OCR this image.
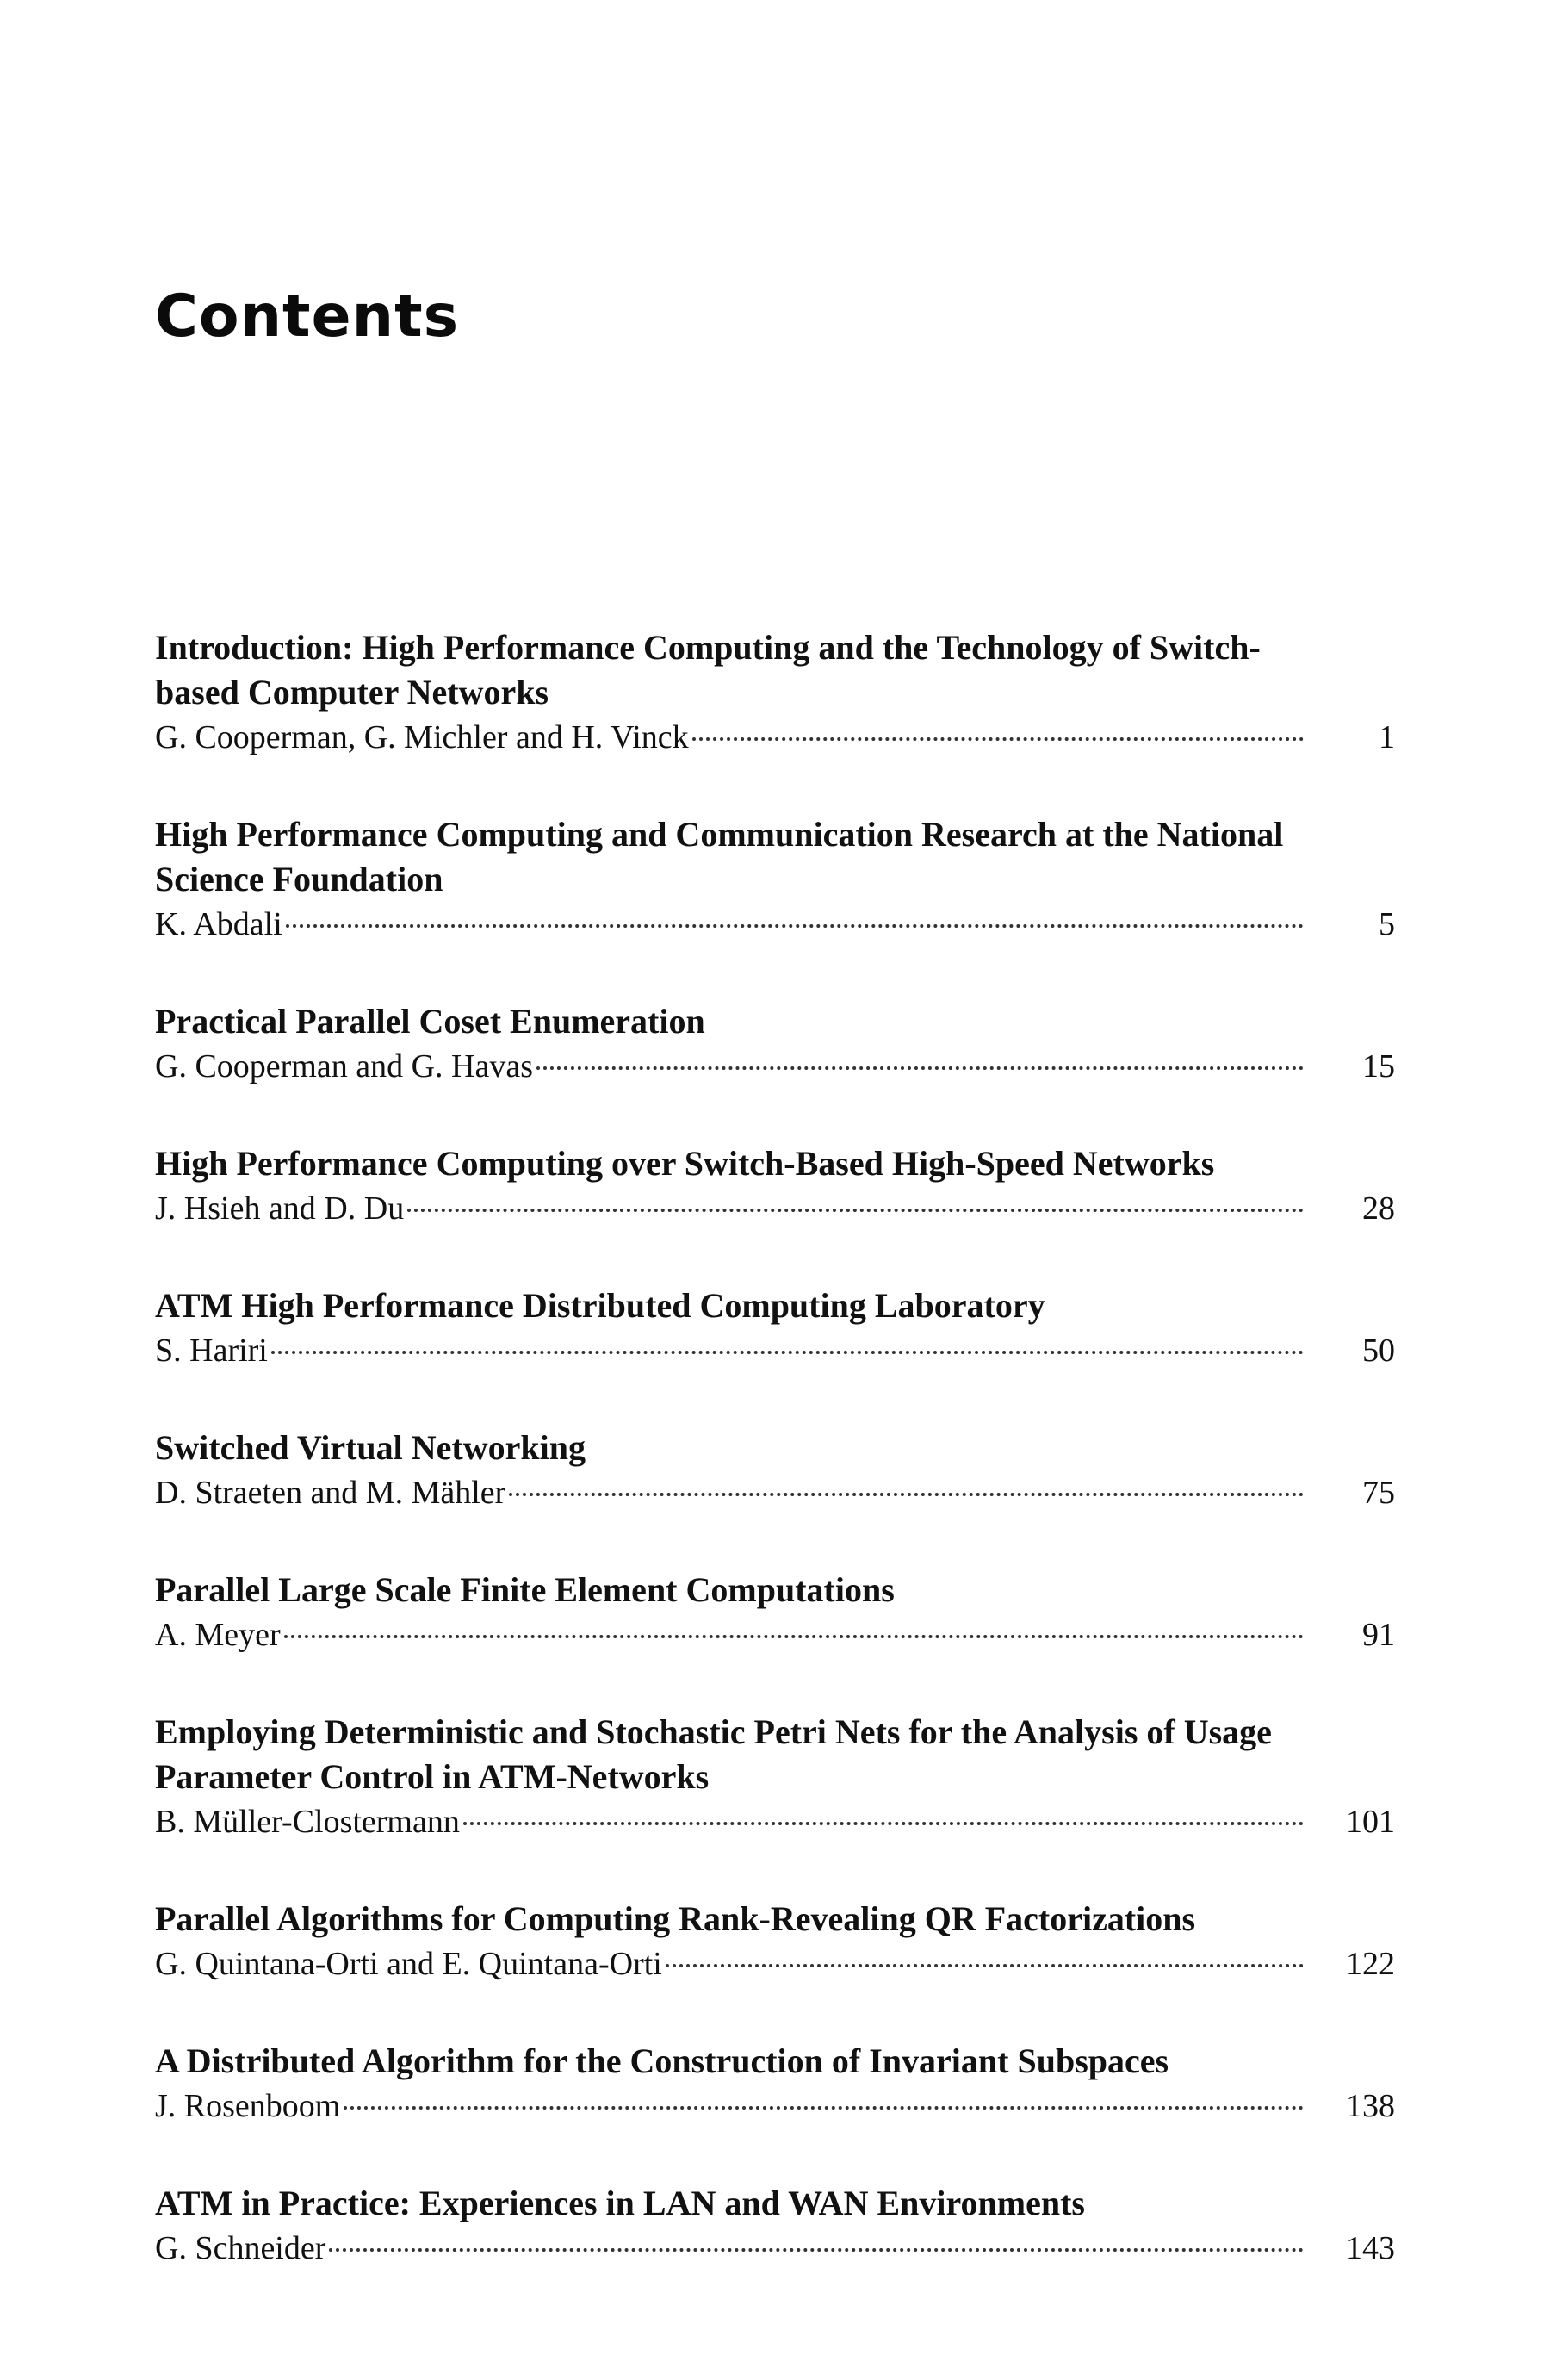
Contents
Introduction: High Performance Computing and the Technology of Switch-based Computer Networks
G. Cooperman, G. Michler and H. Vinck	1
High Performance Computing and Communication Research at the National Science Foundation
K. Abdali	5
Practical Parallel Coset Enumeration
G. Cooperman and G. Havas	15
High Performance Computing over Switch-Based High-Speed Networks
J. Hsieh and D. Du	28
ATM High Performance Distributed Computing Laboratory
S. Hariri	50
Switched Virtual Networking
D. Straeten and M. Mähler	75
Parallel Large Scale Finite Element Computations
A. Meyer	91
Employing Deterministic and Stochastic Petri Nets for the Analysis of Usage Parameter Control in ATM-Networks
B. Müller-Clostermann	101
Parallel Algorithms for Computing Rank-Revealing QR Factorizations
G. Quintana-Orti and E. Quintana-Orti	122
A Distributed Algorithm for the Construction of Invariant Subspaces
J. Rosenboom	138
ATM in Practice: Experiences in LAN and WAN Environments
G. Schneider	143
